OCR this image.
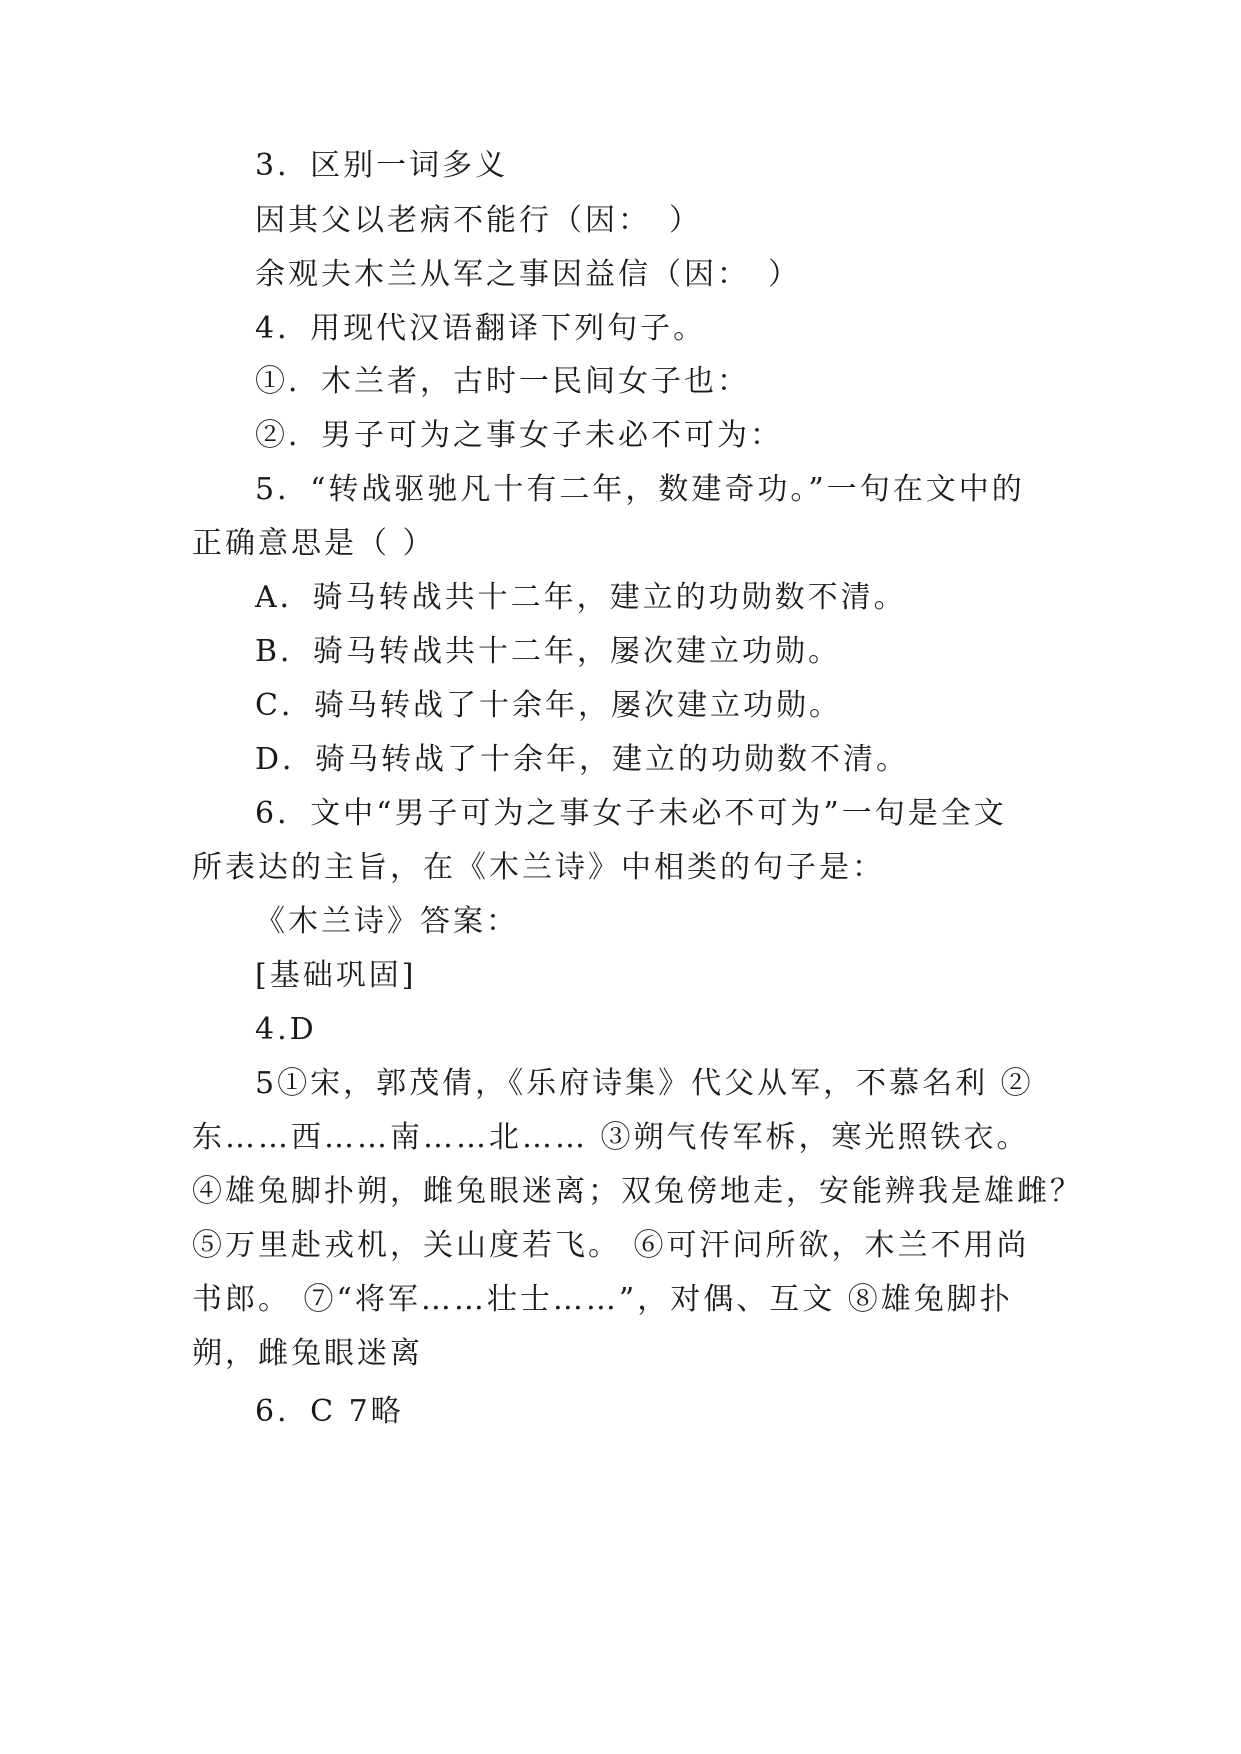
3．区别一词多义
因其父以老病不能行（因：　）
余观夫木兰从军之事因益信（因：　）
4．用现代汉语翻译下列句子。
①．木兰者，古时一民间女子也：
②．男子可为之事女子未必不可为：
5．“转战驱驰凡十有二年，数建奇功。”一句在文中的
正确意思是（ ）
A．骑马转战共十二年，建立的功勋数不清。
B．骑马转战共十二年，屡次建立功勋。
C．骑马转战了十余年，屡次建立功勋。
D．骑马转战了十余年，建立的功勋数不清。
6．文中“男子可为之事女子未必不可为”一句是全文
所表达的主旨，在《木兰诗》中相类的句子是：
《木兰诗》答案：
[基础巩固]
4.D
5①宋，郭茂倩，《乐府诗集》代父从军，不慕名利 ②
东……西……南……北…… ③朔气传军柝，寒光照铁衣。
④雄兔脚扑朔，雌兔眼迷离；双兔傍地走，安能辨我是雄雌？
⑤万里赴戎机，关山度若飞。 ⑥可汗问所欲，木兰不用尚
书郎。 ⑦“将军……壮士……”，对偶、互文 ⑧雄兔脚扑
朔，雌兔眼迷离
6．C 7略
